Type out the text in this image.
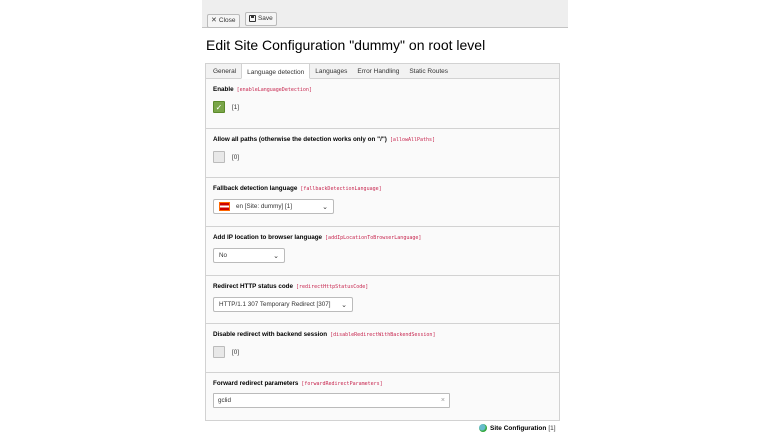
✕ Close
	Save
Edit Site Configuration "dummy" on root level
General	Language detection	Languages	Error Handling	Static Routes
Enable [enableLanguageDetection]
✓ [1]
Allow all paths (otherwise the detection works only on "/") [allowAllPaths]
[0]
Fallback detection language [fallbackDetectionLanguage]
en [Site: dummy] [1]	⌄
Add IP location to browser language [addIpLocationToBrowserLanguage]
No	⌄
Redirect HTTP status code [redirectHttpStatusCode]
HTTP/1.1 307 Temporary Redirect [307] ⌄
Disable redirect with backend session [disableRedirectWithBackendSession]
[0]
Forward redirect parameters [forwardRedirectParameters]
gclid
×
Site Configuration [1]
